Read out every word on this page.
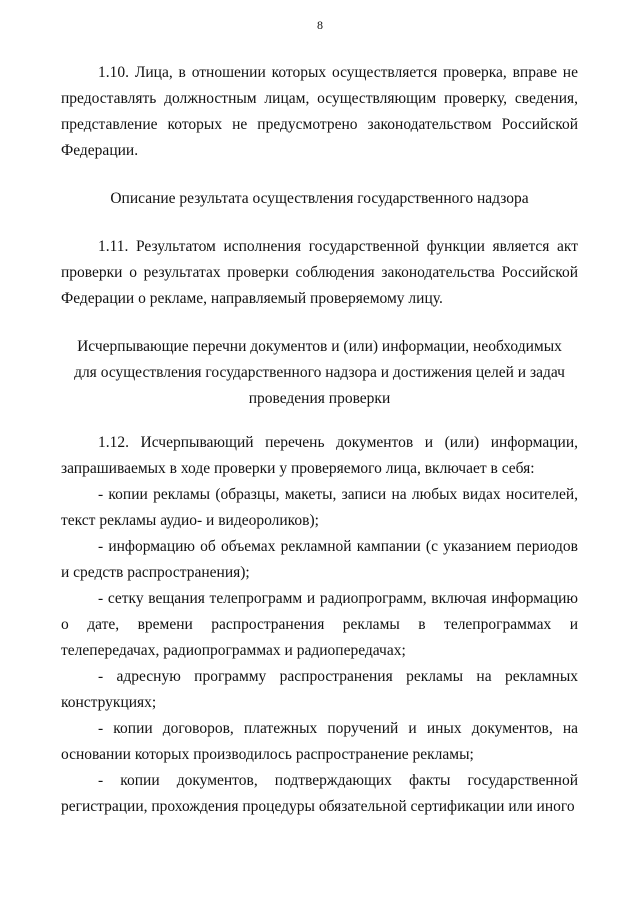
8

1.10. Лица, в отношении которых осуществляется проверка, вправе не предоставлять должностным лицам, осуществляющим проверку, сведения, представление которых не предусмотрено законодательством Российской Федерации.

Описание результата осуществления государственного надзора

1.11. Результатом исполнения государственной функции является акт проверки о результатах проверки соблюдения законодательства Российской Федерации о рекламе, направляемый проверяемому лицу.

Исчерпывающие перечни документов и (или) информации, необходимых

для осуществления государственного надзора и достижения целей и задач

проведения проверки

1.12. Исчерпывающий перечень документов и (или) информации, запрашиваемых в ходе проверки у проверяемого лица, включает в себя:

- копии рекламы (образцы, макеты, записи на любых видах носителей, текст рекламы аудио- и видеороликов);

- информацию об объемах рекламной кампании (с указанием периодов и средств распространения);

- сетку вещания телепрограмм и радиопрограмм, включая информацию о дате, времени распространения рекламы в телепрограммах и телепередачах, радиопрограммах и радиопередачах;

- адресную программу распространения рекламы на рекламных конструкциях;

- копии договоров, платежных поручений и иных документов, на основании которых производилось распространение рекламы;

- копии документов, подтверждающих факты государственной регистрации, прохождения процедуры обязательной сертификации или иного
